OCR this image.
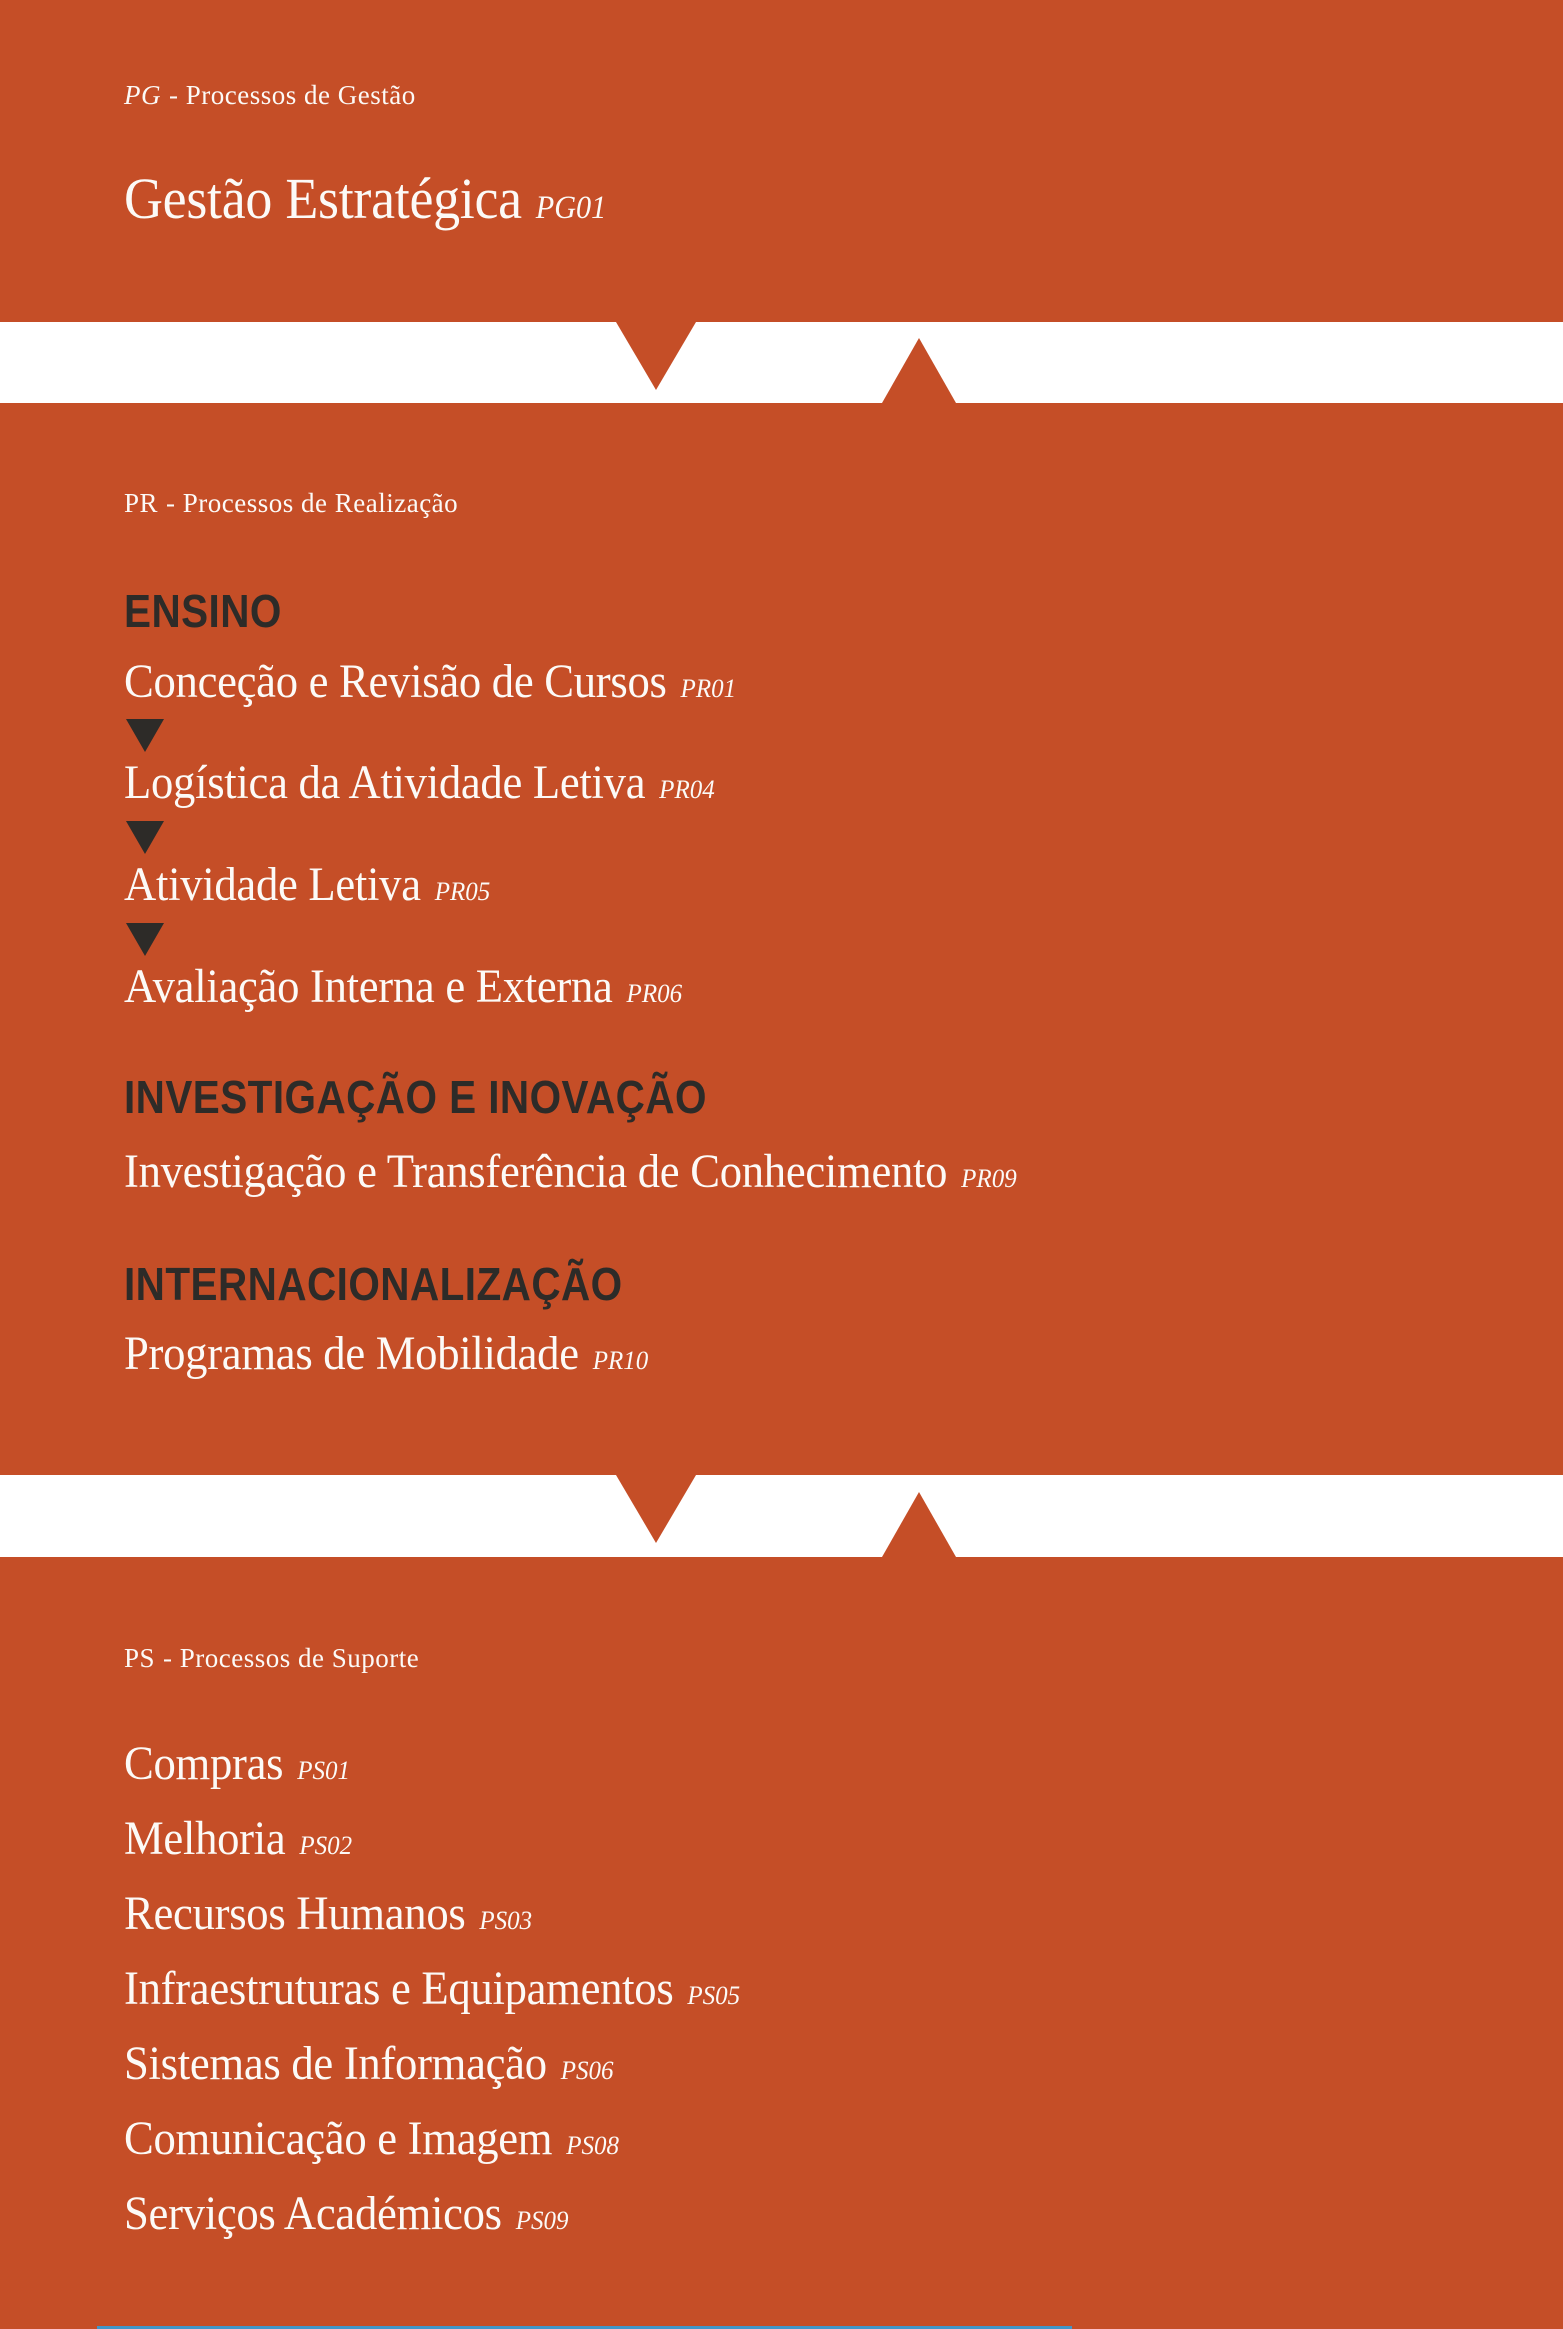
PG - Processos de Gestão
Gestão Estratégica PG01
PR - Processos de Realização
ENSINO
Conceção e Revisão de Cursos PR01
Logística da Atividade Letiva PR04
Atividade Letiva PR05
Avaliação Interna e Externa PR06
INVESTIGAÇÃO E INOVAÇÃO
Investigação e Transferência de Conhecimento PR09
INTERNACIONALIZAÇÃO
Programas de Mobilidade PR10
PS - Processos de Suporte
Compras PS01
Melhoria PS02
Recursos Humanos PS03
Infraestruturas e Equipamentos PS05
Sistemas de Informação PS06
Comunicação e Imagem PS08
Serviços Académicos PS09
